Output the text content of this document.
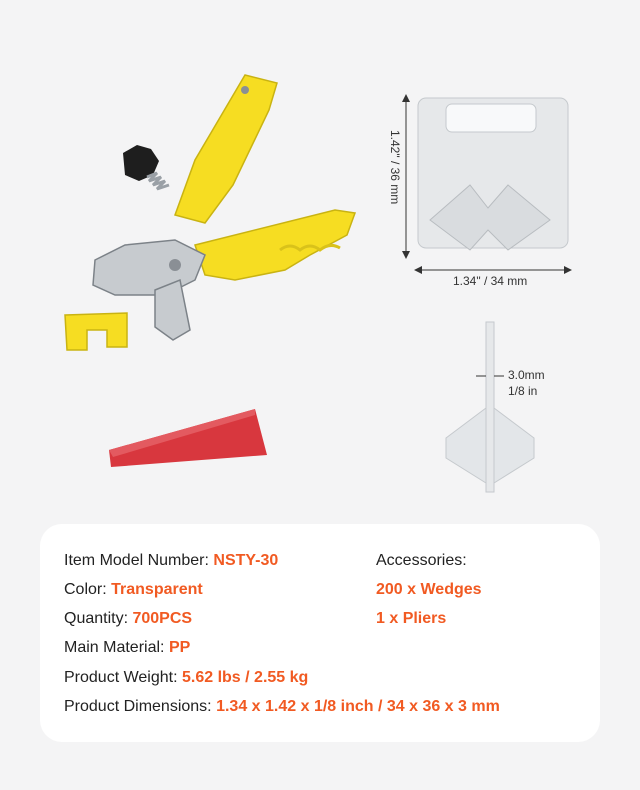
1.42" / 36 mm
1.34" / 34 mm
3.0mm
1/8 in
Item Model Number: NSTY-30
Color: Transparent
Quantity: 700PCS
Main Material: PP
Product Weight: 5.62 lbs / 2.55 kg
Product Dimensions: 1.34 x 1.42 x 1/8 inch / 34 x 36 x 3 mm
Accessories:
200 x Wedges
1 x Pliers
